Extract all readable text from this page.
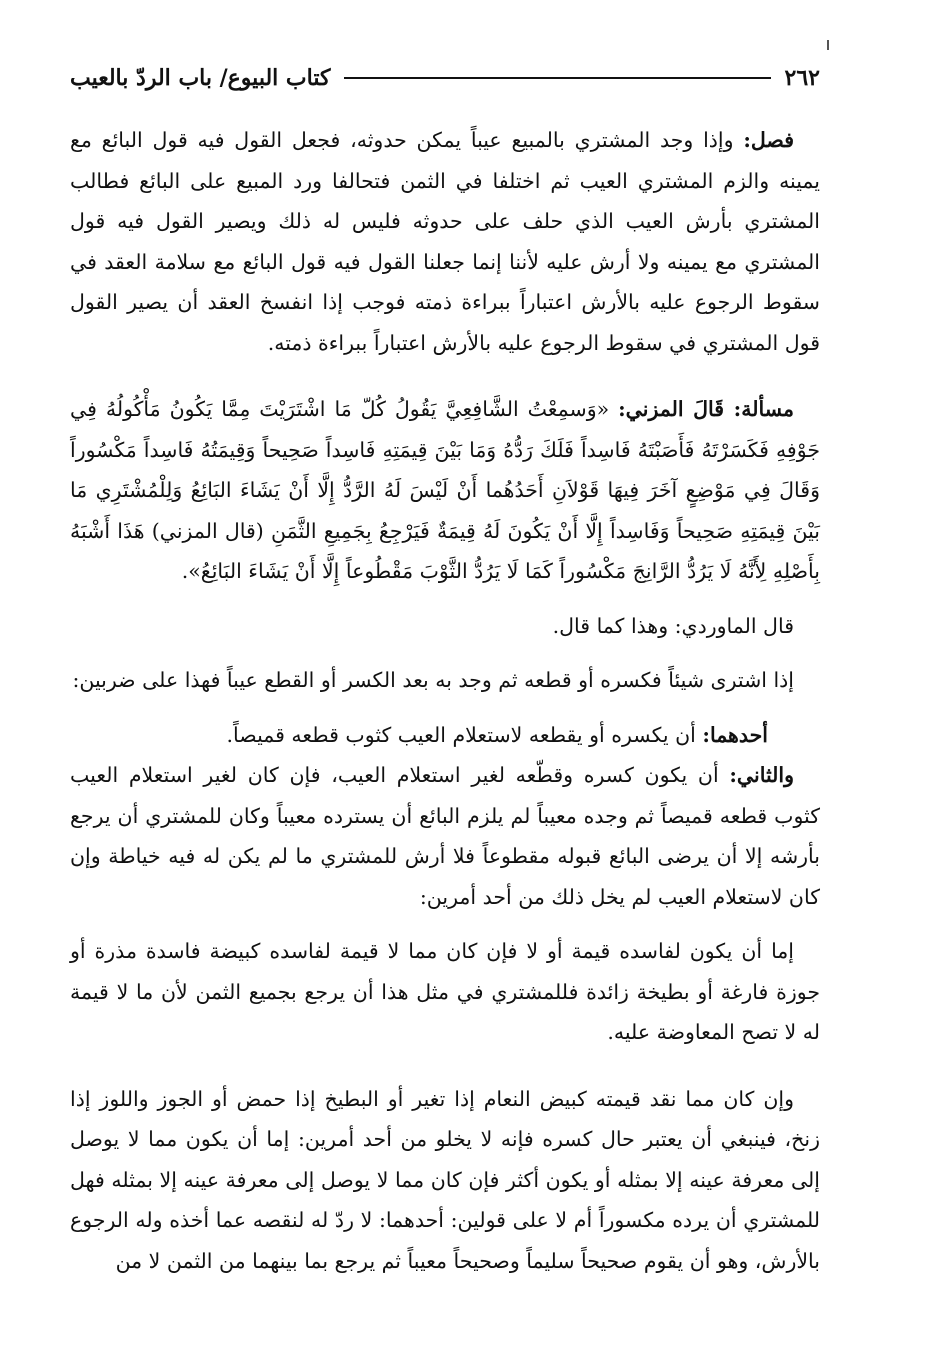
٢٦٢
كتاب البيوع/ باب الردّ بالعيب

فصل: وإذا وجد المشتري بالمبيع عيباً يمكن حدوثه، فجعل القول فيه قول البائع مع يمينه والزم المشتري العيب ثم اختلفا في الثمن فتحالفا ورد المبيع على البائع فطالب المشتري بأرش العيب الذي حلف على حدوثه فليس له ذلك ويصير القول فيه قول المشتري مع يمينه ولا أرش عليه لأننا إنما جعلنا القول فيه قول البائع مع سلامة العقد في سقوط الرجوع عليه بالأرش اعتباراً ببراءة ذمته فوجب إذا انفسخ العقد أن يصير القول قول المشتري في سقوط الرجوع عليه بالأرش اعتباراً ببراءة ذمته.

مسألة: قَالَ المزني: «وَسمِعْتُ الشَّافِعِيَّ يَقُولُ كُلّ مَا اشْتَرَيْتَ مِمَّا يَكُونُ مَأْكُولُهُ فِي جَوْفِهِ فَكَسَرْتَهُ فَأَصَبْتَهُ فَاسِداً فَلَكَ رَدُّهُ وَمَا بَيْنَ قِيمَتِهِ فَاسِداً صَحِيحاً وَقِيمَتُهُ فَاسِداً مَكْسُوراً وَقَالَ فِي مَوْضِعٍ آخَرَ فِيهَا قَوْلاَنِ أَحَدُهُما أَنْ لَيْسَ لَهُ الرَّدُّ إِلَّا أَنْ يَشَاءَ البَائِعُ وَلِلْمُشْتَرِي مَا بَيْنَ قِيمَتِهِ صَحِيحاً وَفَاسِداً إِلَّا أَنْ يَكُونَ لَهُ قِيمَةٌ فَيَرْجِعُ بِجَمِيعِ الثَّمَنِ (قال المزني) هَذَا أَشْبَهُ بِأَصْلِهِ لِأَنَّهُ لَا يَرُدُّ الرَّانِجَ مَكْسُوراً كَمَا لَا يَرُدُّ الثَّوْبَ مَقْطُوعاً إِلَّا أَنْ يَشَاءَ البَائِعُ».

قال الماوردي: وهذا كما قال.

إذا اشترى شيئاً فكسره أو قطعه ثم وجد به بعد الكسر أو القطع عيباً فهذا على ضربين:

أحدهما: أن يكسره أو يقطعه لاستعلام العيب كثوب قطعه قميصاً.

والثاني: أن يكون كسره وقطّعه لغير استعلام العيب، فإن كان لغير استعلام العيب كثوب قطعه قميصاً ثم وجده معيباً لم يلزم البائع أن يسترده معيباً وكان للمشتري أن يرجع بأرشه إلا أن يرضى البائع قبوله مقطوعاً فلا أرش للمشتري ما لم يكن له فيه خياطة وإن كان لاستعلام العيب لم يخل ذلك من أحد أمرين:

إما أن يكون لفاسده قيمة أو لا فإن كان مما لا قيمة لفاسده كبيضة فاسدة مذرة أو جوزة فارغة أو بطيخة زائدة فللمشتري في مثل هذا أن يرجع بجميع الثمن لأن ما لا قيمة له لا تصح المعاوضة عليه.

وإن كان مما نقد قيمته كبيض النعام إذا تغير أو البطيخ إذا حمض أو الجوز واللوز إذا زنخ، فينبغي أن يعتبر حال كسره فإنه لا يخلو من أحد أمرين: إما أن يكون مما لا يوصل إلى معرفة عينه إلا بمثله أو يكون أكثر فإن كان مما لا يوصل إلى معرفة عينه إلا بمثله فهل للمشتري أن يرده مكسوراً أم لا على قولين: أحدهما: لا ردّ له لنقصه عما أخذه وله الرجوع بالأرش، وهو أن يقوم صحيحاً سليماً وصحيحاً معيباً ثم يرجع بما بينهما من الثمن لا من
